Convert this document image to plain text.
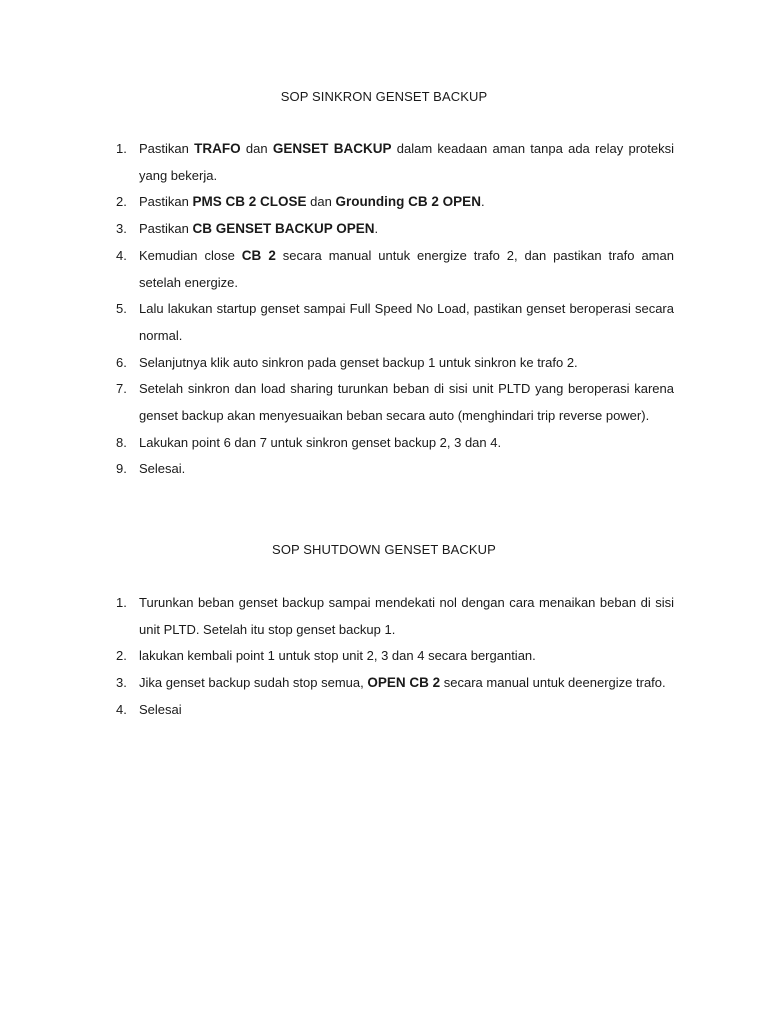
SOP SINKRON GENSET BACKUP
1. Pastikan TRAFO dan GENSET BACKUP dalam keadaan aman tanpa ada relay proteksi yang bekerja.
2. Pastikan PMS CB 2 CLOSE dan Grounding CB 2 OPEN.
3. Pastikan CB GENSET BACKUP OPEN.
4. Kemudian close CB 2 secara manual untuk energize trafo 2, dan pastikan trafo aman setelah energize.
5. Lalu lakukan startup genset sampai Full Speed No Load, pastikan genset beroperasi secara normal.
6. Selanjutnya klik auto sinkron pada genset backup 1 untuk sinkron ke trafo 2.
7. Setelah sinkron dan load sharing turunkan beban di sisi unit PLTD yang beroperasi karena genset backup akan menyesuaikan beban secara auto (menghindari trip reverse power).
8. Lakukan point 6 dan 7 untuk sinkron genset backup 2, 3 dan 4.
9. Selesai.
SOP SHUTDOWN GENSET BACKUP
1. Turunkan beban genset backup sampai mendekati nol dengan cara menaikan beban di sisi unit PLTD. Setelah itu stop genset backup 1.
2. lakukan kembali point 1 untuk stop unit 2, 3 dan 4 secara bergantian.
3. Jika genset backup sudah stop semua, OPEN CB 2 secara manual untuk deenergize trafo.
4. Selesai
